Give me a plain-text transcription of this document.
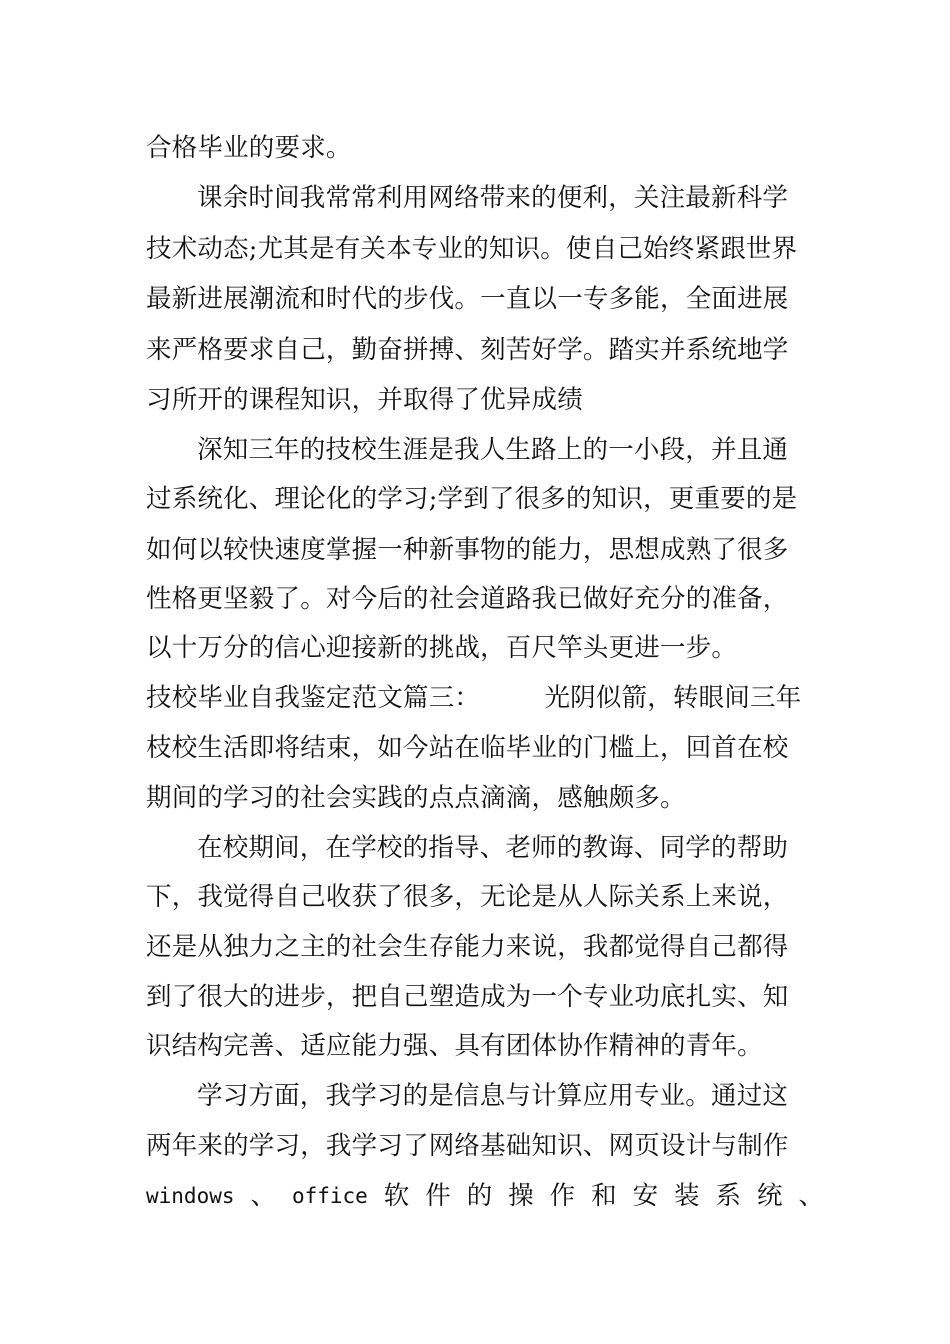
合格毕业的要求。
课余时间我常常利用网络带来的便利，关注最新科学
技术动态;尤其是有关本专业的知识。使自己始终紧跟世界
最新进展潮流和时代的步伐。一直以一专多能，全面进展
来严格要求自己，勤奋拼搏、刻苦好学。踏实并系统地学
习所开的课程知识，并取得了优异成绩
深知三年的技校生涯是我人生路上的一小段，并且通
过系统化、理论化的学习;学到了很多的知识，更重要的是
如何以较快速度掌握一种新事物的能力，思想成熟了很多
性格更坚毅了。对今后的社会道路我已做好充分的准备，
以十万分的信心迎接新的挑战，百尺竿头更进一步。
技校毕业自我鉴定范文篇三：　　　光阴似箭，转眼间三年
枝校生活即将结束，如今站在临毕业的门槛上，回首在校
期间的学习的社会实践的点点滴滴，感触颇多。
在校期间，在学校的指导、老师的教诲、同学的帮助
下，我觉得自己收获了很多，无论是从人际关系上来说，
还是从独力之主的社会生存能力来说，我都觉得自己都得
到了很大的进步，把自己塑造成为一个专业功底扎实、知
识结构完善、适应能力强、具有团体协作精神的青年。
学习方面，我学习的是信息与计算应用专业。通过这
两年来的学习，我学习了网络基础知识、网页设计与制作
windows 、 office 软 件 的 操 作 和 安 装 系 统 、
